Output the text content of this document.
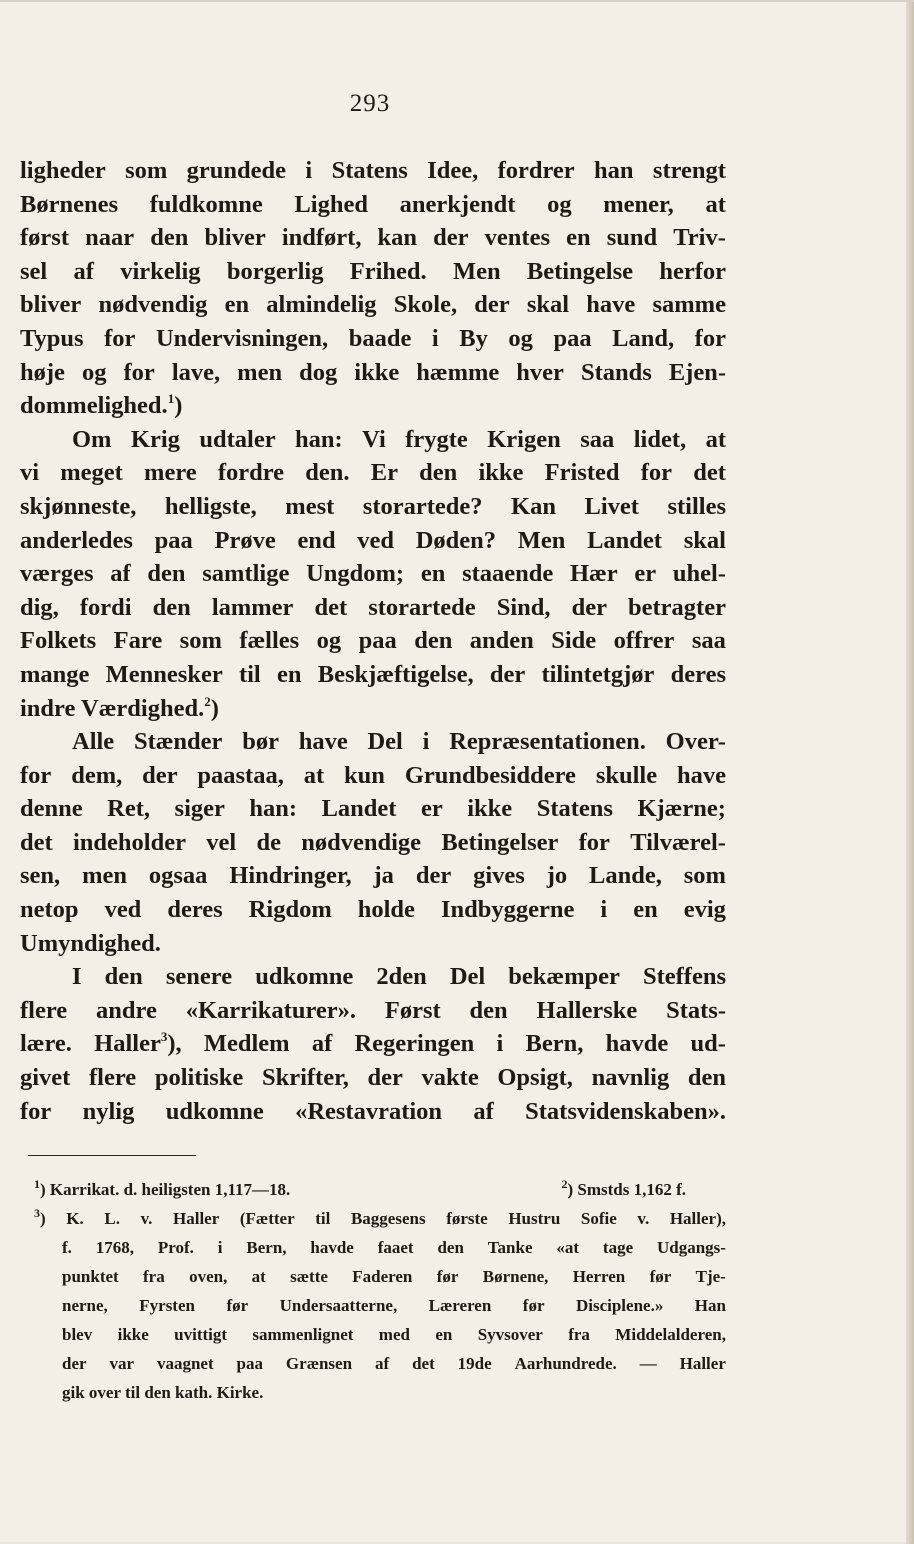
293
ligheder som grundede i Statens Idee, fordrer han strengt
Børnenes fuldkomne Lighed anerkjendt og mener, at
først naar den bliver indført, kan der ventes en sund Triv-
sel af virkelig borgerlig Frihed. Men Betingelse herfor
bliver nødvendig en almindelig Skole, der skal have samme
Typus for Undervisningen, baade i By og paa Land, for
høje og for lave, men dog ikke hæmme hver Stands Ejen-
dommelighed. 1 )
Om Krig udtaler han: Vi frygte Krigen saa lidet, at
vi meget mere fordre den. Er den ikke Fristed for det
skjønneste, helligste, mest storartede? Kan Livet stilles
anderledes paa Prøve end ved Døden? Men Landet skal
værges af den samtlige Ungdom; en staaende Hær er uhel-
dig, fordi den lammer det storartede Sind, der betragter
Folkets Fare som fælles og paa den anden Side offrer saa
mange Mennesker til en Beskjæftigelse, der tilintetgjør deres
indre Værdighed. 2 )
Alle Stænder bør have Del i Repræsentationen. Over-
for dem, der paastaa, at kun Grundbesiddere skulle have
denne Ret, siger han: Landet er ikke Statens Kjærne;
det indeholder vel de nødvendige Betingelser for Tilværel-
sen, men ogsaa Hindringer, ja der gives jo Lande, som
netop ved deres Rigdom holde Indbyggerne i en evig
Umyndighed.
I den senere udkomne 2den Del bekæmper Steffens
flere andre «Karrikaturer». Først den Hallerske Stats-
lære. Haller$^3$), Medlem af Regeringen i Bern, havde ud-
givet flere politiske Skrifter, der vakte Opsigt, navnlig den
for nylig udkomne «Restavration af Statsvidenskaben».
$^1$) Karrikat. d. heiligsten 1,117—18.	$^2$) Smstds 1,162 f.
$^3$) K. L. v. Haller (Fætter til Baggesens første Hustru Sofie v. Haller),
f. 1768, Prof. i Bern, havde faaet den Tanke «at tage Udgangs-
punktet fra oven, at sætte Faderen før Børnene, Herren før Tje-
nerne, Fyrsten før Undersaatterne, Læreren før Disciplene.» Han
blev ikke uvittigt sammenlignet med en Syvsover fra Middelalderen,
der var vaagnet paa Grænsen af det 19de Aarhundrede. — Haller
gik over til den kath. Kirke.
